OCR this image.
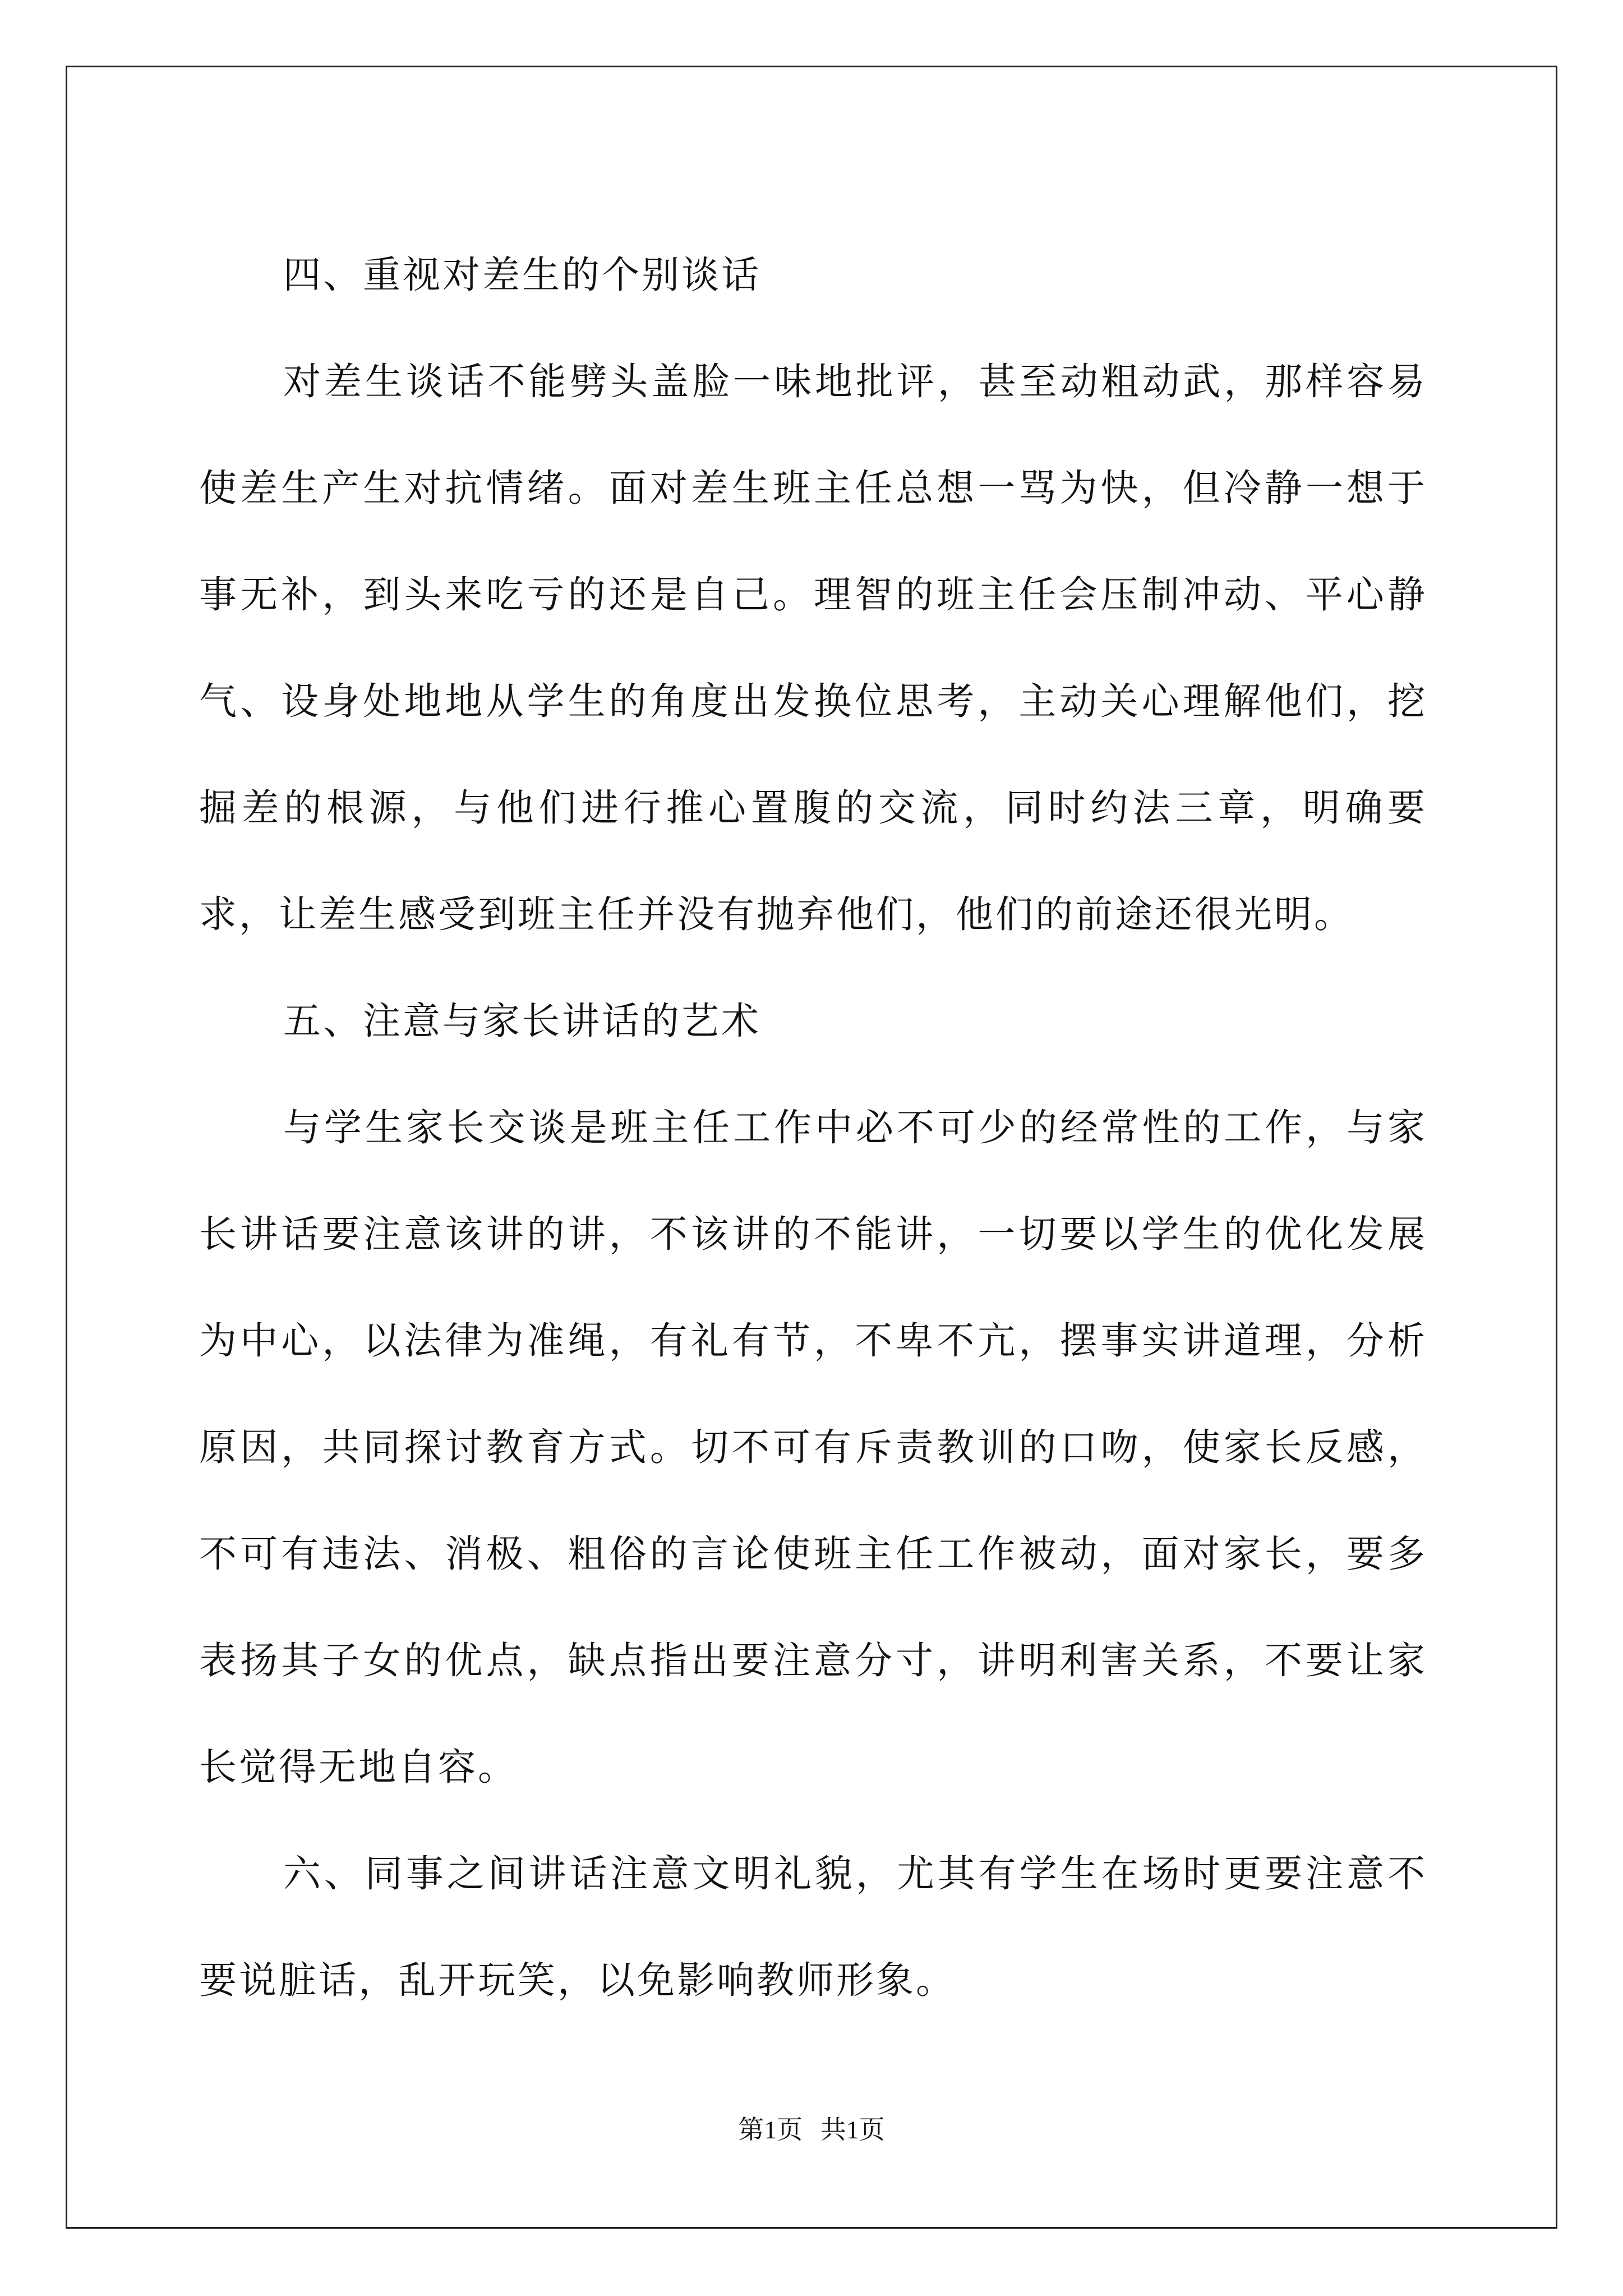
四、重视对差生的个别谈话

对差生谈话不能劈头盖脸一味地批评，甚至动粗动武，那样容易使差生产生对抗情绪。面对差生班主任总想一骂为快，但冷静一想于事无补，到头来吃亏的还是自己。理智的班主任会压制冲动、平心静气、设身处地地从学生的角度出发换位思考，主动关心理解他们，挖掘差的根源，与他们进行推心置腹的交流，同时约法三章，明确要求，让差生感受到班主任并没有抛弃他们，他们的前途还很光明。

五、注意与家长讲话的艺术

与学生家长交谈是班主任工作中必不可少的经常性的工作，与家长讲话要注意该讲的讲，不该讲的不能讲，一切要以学生的优化发展为中心，以法律为准绳，有礼有节，不卑不亢，摆事实讲道理，分析原因，共同探讨教育方式。切不可有斥责教训的口吻，使家长反感，不可有违法、消极、粗俗的言论使班主任工作被动，面对家长，要多表扬其子女的优点，缺点指出要注意分寸，讲明利害关系，不要让家长觉得无地自容。

六、同事之间讲话注意文明礼貌，尤其有学生在场时更要注意不要说脏话，乱开玩笑，以免影响教师形象。

第1页 共1页
